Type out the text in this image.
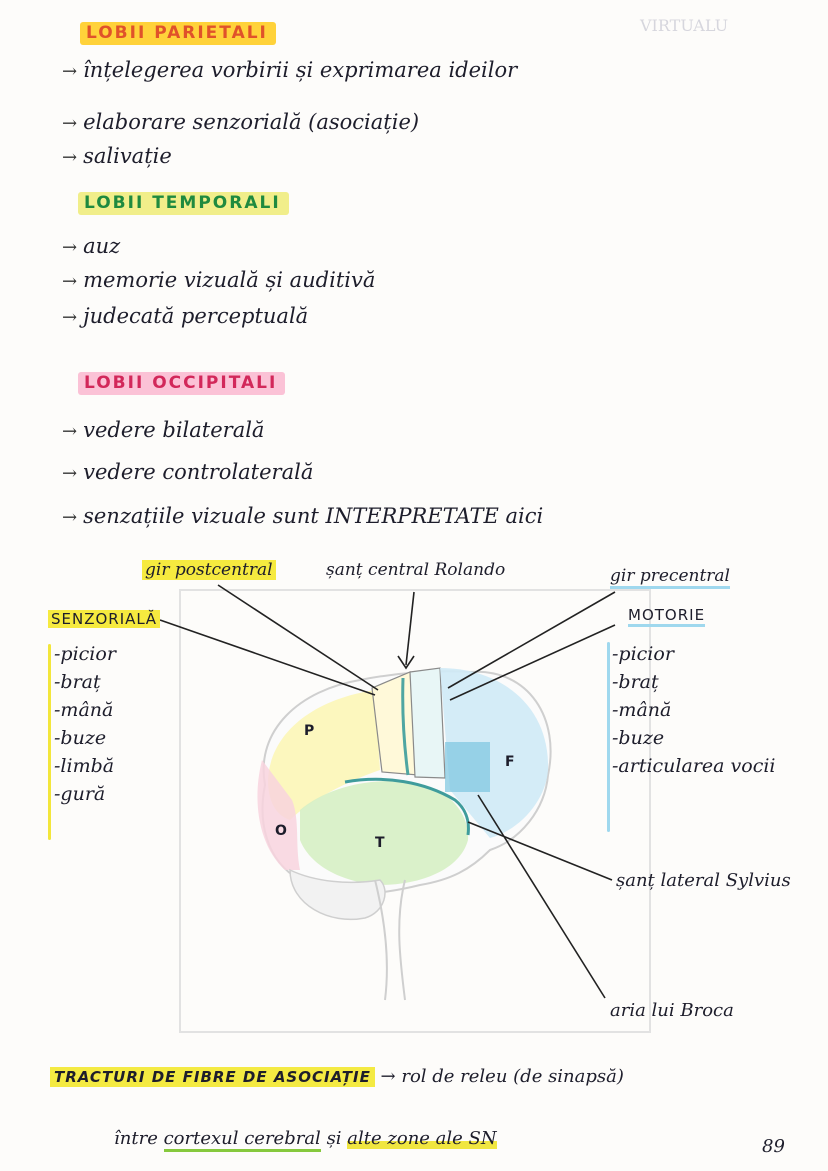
VIRTUALU
LOBII PARIETALI
→ înțelegerea vorbirii și exprimarea ideilor
→ elaborare senzorială (asociație)
→ salivație
LOBII TEMPORALI
→ auz
→ memorie vizuală și auditivă
→ judecată perceptuală
LOBII OCCIPITALI
→ vedere bilaterală
→ vedere controlaterală
→ senzațiile vizuale sunt INTERPRETATE aici
P
F
O
T
gir postcentral	șanț central Rolando	gir precentral
SENZORIALĂ
-picior
-braț
-mână
-buze
-limbă
-gură
MOTORIE
-picior
-braț
-mână
-buze
-articularea vocii
șanț lateral Sylvius
aria lui Broca
TRACTURI DE FIBRE DE ASOCIAȚIE → rol de releu (de sinapsă)
între cortexul cerebral și alte zone ale SN	89
